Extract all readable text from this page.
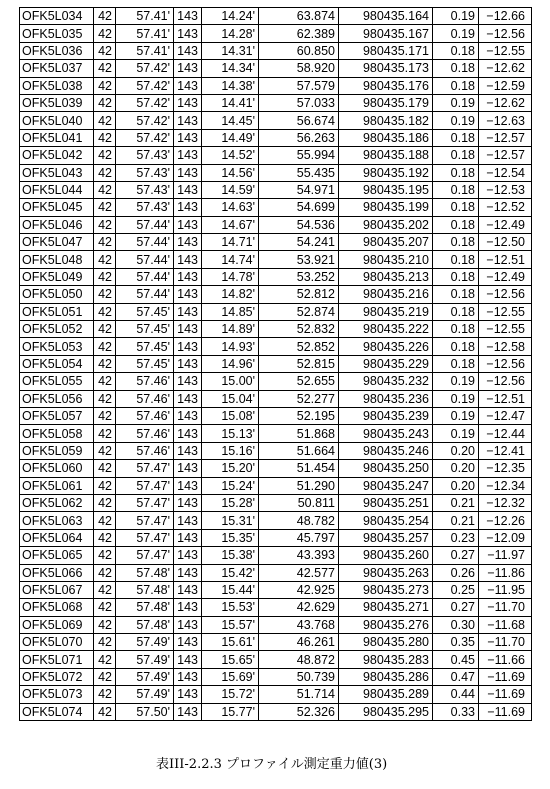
OFK5L034	42	57.41'	143	14.24'	63.874	980435.164	0.19	−12.66
OFK5L035	42	57.41'	143	14.28'	62.389	980435.167	0.19	−12.56
OFK5L036	42	57.41'	143	14.31'	60.850	980435.171	0.18	−12.55
OFK5L037	42	57.42'	143	14.34'	58.920	980435.173	0.18	−12.62
OFK5L038	42	57.42'	143	14.38'	57.579	980435.176	0.18	−12.59
OFK5L039	42	57.42'	143	14.41'	57.033	980435.179	0.19	−12.62
OFK5L040	42	57.42'	143	14.45'	56.674	980435.182	0.19	−12.63
OFK5L041	42	57.42'	143	14.49'	56.263	980435.186	0.18	−12.57
OFK5L042	42	57.43'	143	14.52'	55.994	980435.188	0.18	−12.57
OFK5L043	42	57.43'	143	14.56'	55.435	980435.192	0.18	−12.54
OFK5L044	42	57.43'	143	14.59'	54.971	980435.195	0.18	−12.53
OFK5L045	42	57.43'	143	14.63'	54.699	980435.199	0.18	−12.52
OFK5L046	42	57.44'	143	14.67'	54.536	980435.202	0.18	−12.49
OFK5L047	42	57.44'	143	14.71'	54.241	980435.207	0.18	−12.50
OFK5L048	42	57.44'	143	14.74'	53.921	980435.210	0.18	−12.51
OFK5L049	42	57.44'	143	14.78'	53.252	980435.213	0.18	−12.49
OFK5L050	42	57.44'	143	14.82'	52.812	980435.216	0.18	−12.56
OFK5L051	42	57.45'	143	14.85'	52.874	980435.219	0.18	−12.55
OFK5L052	42	57.45'	143	14.89'	52.832	980435.222	0.18	−12.55
OFK5L053	42	57.45'	143	14.93'	52.852	980435.226	0.18	−12.58
OFK5L054	42	57.45'	143	14.96'	52.815	980435.229	0.18	−12.56
OFK5L055	42	57.46'	143	15.00'	52.655	980435.232	0.19	−12.56
OFK5L056	42	57.46'	143	15.04'	52.277	980435.236	0.19	−12.51
OFK5L057	42	57.46'	143	15.08'	52.195	980435.239	0.19	−12.47
OFK5L058	42	57.46'	143	15.13'	51.868	980435.243	0.19	−12.44
OFK5L059	42	57.46'	143	15.16'	51.664	980435.246	0.20	−12.41
OFK5L060	42	57.47'	143	15.20'	51.454	980435.250	0.20	−12.35
OFK5L061	42	57.47'	143	15.24'	51.290	980435.247	0.20	−12.34
OFK5L062	42	57.47'	143	15.28'	50.811	980435.251	0.21	−12.32
OFK5L063	42	57.47'	143	15.31'	48.782	980435.254	0.21	−12.26
OFK5L064	42	57.47'	143	15.35'	45.797	980435.257	0.23	−12.09
OFK5L065	42	57.47'	143	15.38'	43.393	980435.260	0.27	−11.97
OFK5L066	42	57.48'	143	15.42'	42.577	980435.263	0.26	−11.86
OFK5L067	42	57.48'	143	15.44'	42.925	980435.273	0.25	−11.95
OFK5L068	42	57.48'	143	15.53'	42.629	980435.271	0.27	−11.70
OFK5L069	42	57.48'	143	15.57'	43.768	980435.276	0.30	−11.68
OFK5L070	42	57.49'	143	15.61'	46.261	980435.280	0.35	−11.70
OFK5L071	42	57.49'	143	15.65'	48.872	980435.283	0.45	−11.66
OFK5L072	42	57.49'	143	15.69'	50.739	980435.286	0.47	−11.69
OFK5L073	42	57.49'	143	15.72'	51.714	980435.289	0.44	−11.69
OFK5L074	42	57.50'	143	15.77'	52.326	980435.295	0.33	−11.69
表III-2.2.3 プロファイル測定重力値(3)
